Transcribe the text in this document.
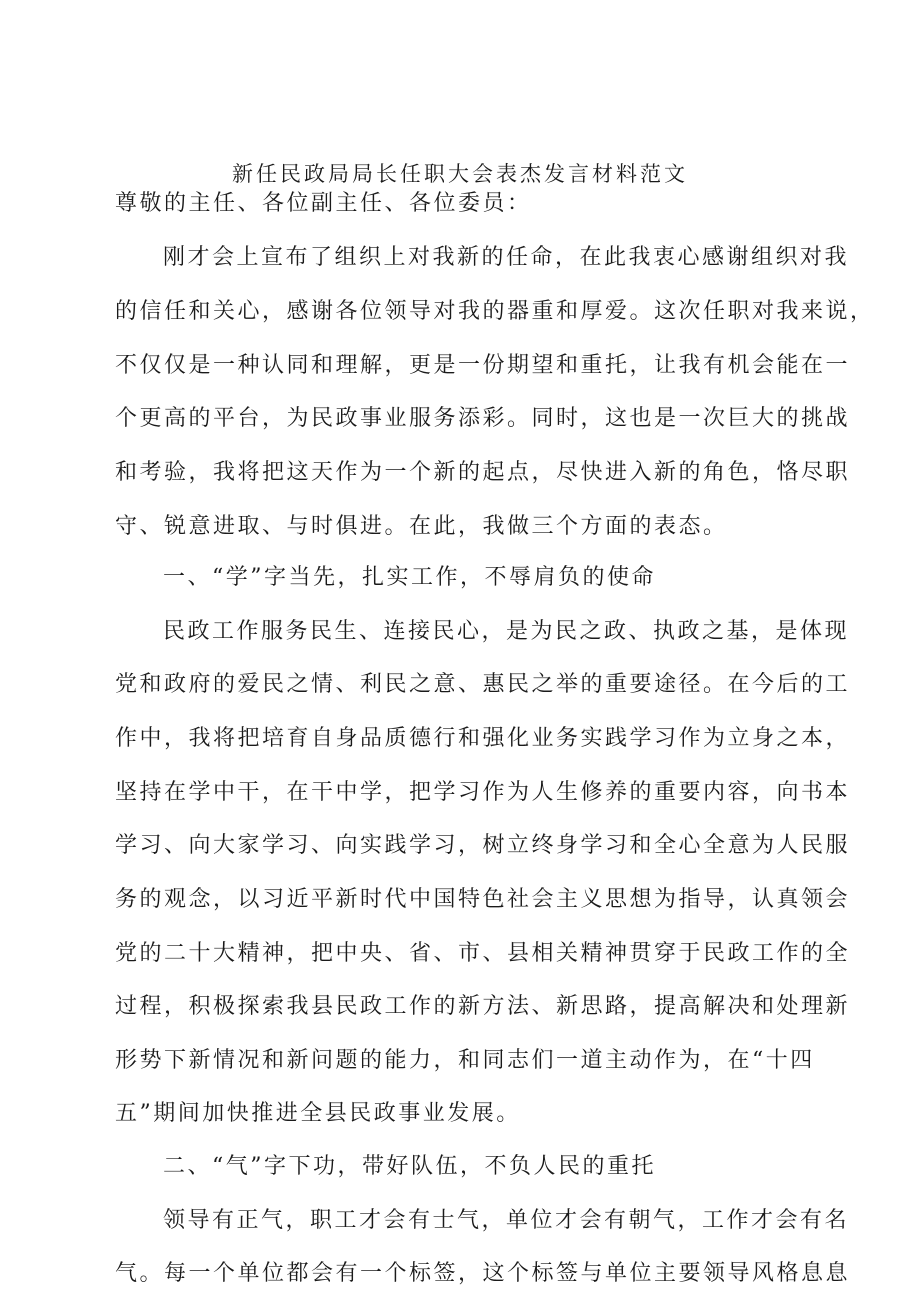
新任民政局局长任职大会表杰发言材料范文

尊敬的主任、各位副主任、各位委员：

刚才会上宣布了组织上对我新的任命，在此我衷心感谢组织对我

的信任和关心，感谢各位领导对我的器重和厚爱。这次任职对我来说，

不仅仅是一种认同和理解，更是一份期望和重托，让我有机会能在一

个更高的平台，为民政事业服务添彩。同时，这也是一次巨大的挑战

和考验，我将把这天作为一个新的起点，尽快进入新的角色，恪尽职

守、锐意进取、与时俱进。在此，我做三个方面的表态。

一、“学”字当先，扎实工作，不辱肩负的使命

民政工作服务民生、连接民心，是为民之政、执政之基，是体现

党和政府的爱民之情、利民之意、惠民之举的重要途径。在今后的工

作中，我将把培育自身品质德行和强化业务实践学习作为立身之本，

坚持在学中干，在干中学，把学习作为人生修养的重要内容，向书本

学习、向大家学习、向实践学习，树立终身学习和全心全意为人民服

务的观念，以习近平新时代中国特色社会主义思想为指导，认真领会

党的二十大精神，把中央、省、市、县相关精神贯穿于民政工作的全

过程，积极探索我县民政工作的新方法、新思路，提高解决和处理新

形势下新情况和新问题的能力，和同志们一道主动作为，在“十四

五”期间加快推进全县民政事业发展。

二、“气”字下功，带好队伍，不负人民的重托

领导有正气，职工才会有士气，单位才会有朝气，工作才会有名

气。每一个单位都会有一个标签，这个标签与单位主要领导风格息息
